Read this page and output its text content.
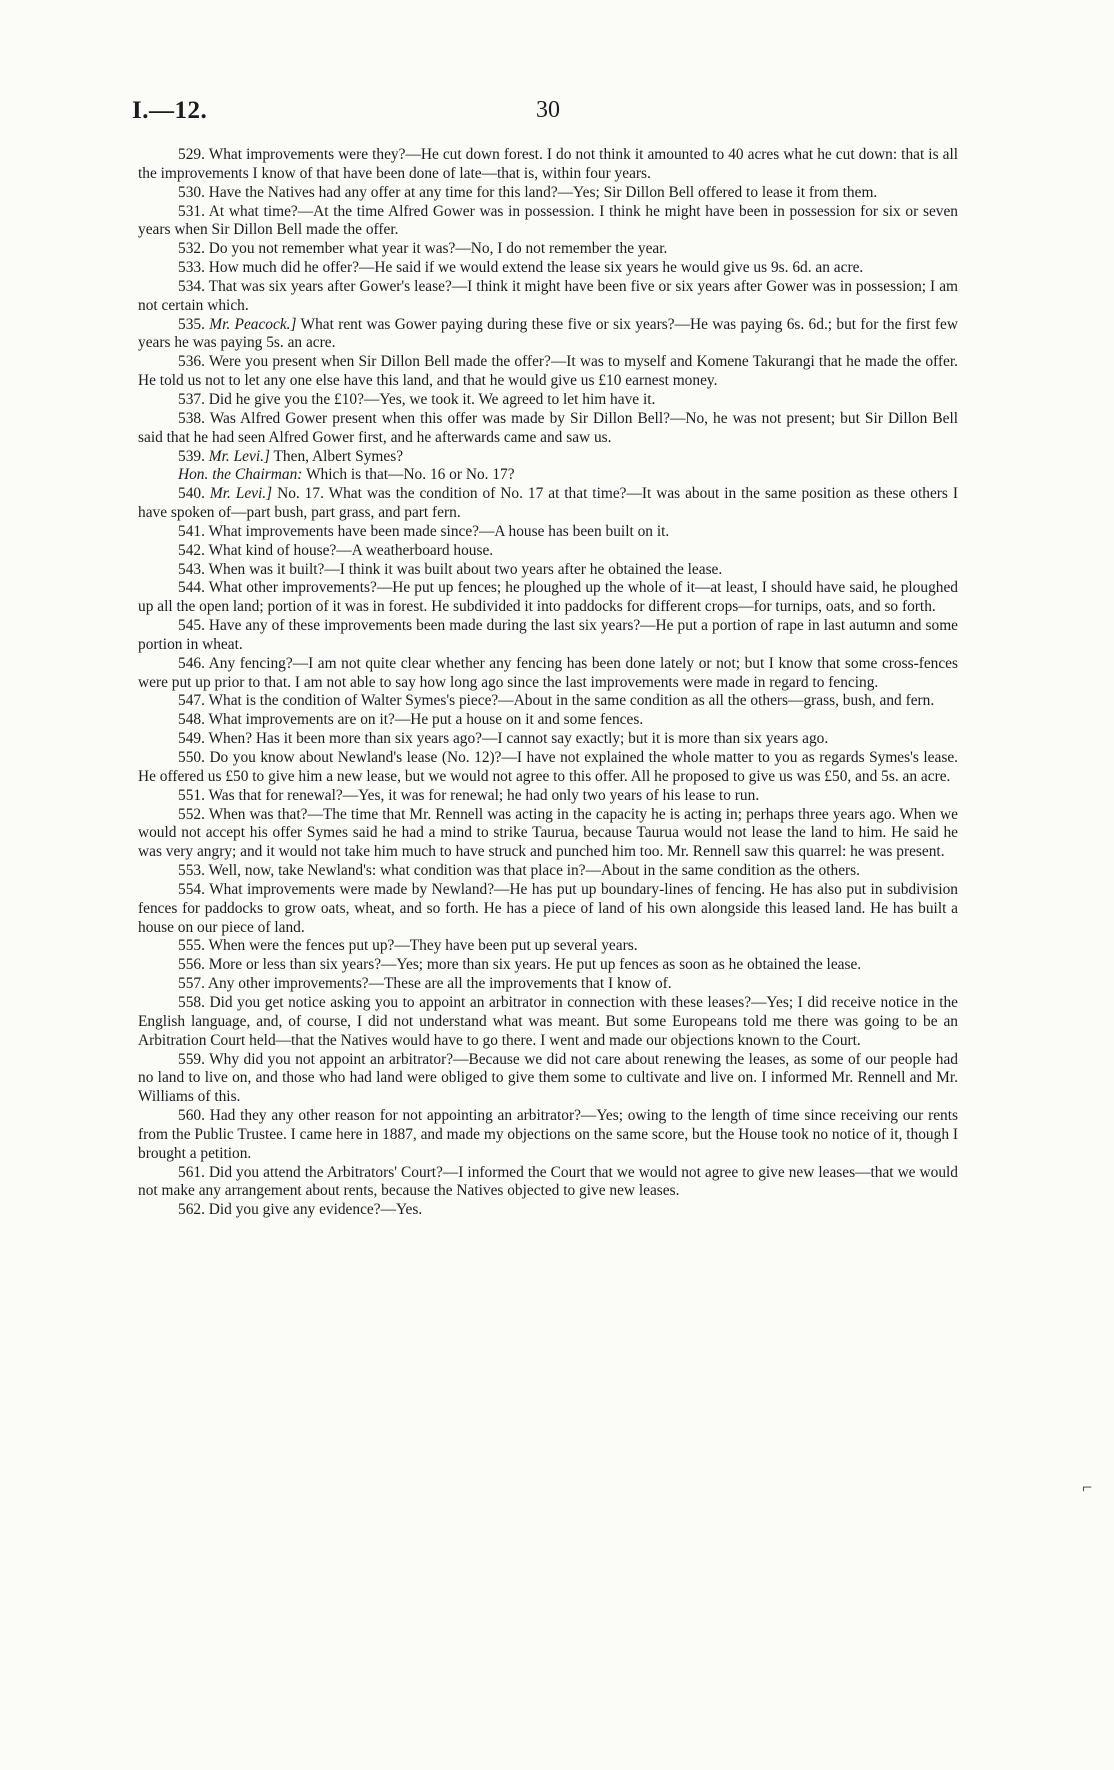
I.—12.	30

529. What improvements were they?—He cut down forest. I do not think it amounted to 40 acres what he cut down: that is all the improvements I know of that have been done of late—that is, within four years.

530. Have the Natives had any offer at any time for this land?—Yes; Sir Dillon Bell offered to lease it from them.

531. At what time?—At the time Alfred Gower was in possession. I think he might have been in possession for six or seven years when Sir Dillon Bell made the offer.

532. Do you not remember what year it was?—No, I do not remember the year.

533. How much did he offer?—He said if we would extend the lease six years he would give us 9s. 6d. an acre.

534. That was six years after Gower's lease?—I think it might have been five or six years after Gower was in possession; I am not certain which.

535. Mr. Peacock.] What rent was Gower paying during these five or six years?—He was paying 6s. 6d.; but for the first few years he was paying 5s. an acre.

536. Were you present when Sir Dillon Bell made the offer?—It was to myself and Komene Takurangi that he made the offer. He told us not to let any one else have this land, and that he would give us £10 earnest money.

537. Did he give you the £10?—Yes, we took it. We agreed to let him have it.

538. Was Alfred Gower present when this offer was made by Sir Dillon Bell?—No, he was not present; but Sir Dillon Bell said that he had seen Alfred Gower first, and he afterwards came and saw us.

539. Mr. Levi.] Then, Albert Symes?

Hon. the Chairman: Which is that—No. 16 or No. 17?

540. Mr. Levi.] No. 17. What was the condition of No. 17 at that time?—It was about in the same position as these others I have spoken of—part bush, part grass, and part fern.

541. What improvements have been made since?—A house has been built on it.

542. What kind of house?—A weatherboard house.

543. When was it built?—I think it was built about two years after he obtained the lease.

544. What other improvements?—He put up fences; he ploughed up the whole of it—at least, I should have said, he ploughed up all the open land; portion of it was in forest. He subdivided it into paddocks for different crops—for turnips, oats, and so forth.

545. Have any of these improvements been made during the last six years?—He put a portion of rape in last autumn and some portion in wheat.

546. Any fencing?—I am not quite clear whether any fencing has been done lately or not; but I know that some cross-fences were put up prior to that. I am not able to say how long ago since the last improvements were made in regard to fencing.

547. What is the condition of Walter Symes's piece?—About in the same condition as all the others—grass, bush, and fern.

548. What improvements are on it?—He put a house on it and some fences.

549. When? Has it been more than six years ago?—I cannot say exactly; but it is more than six years ago.

550. Do you know about Newland's lease (No. 12)?—I have not explained the whole matter to you as regards Symes's lease. He offered us £50 to give him a new lease, but we would not agree to this offer. All he proposed to give us was £50, and 5s. an acre.

551. Was that for renewal?—Yes, it was for renewal; he had only two years of his lease to run.

552. When was that?—The time that Mr. Rennell was acting in the capacity he is acting in; perhaps three years ago. When we would not accept his offer Symes said he had a mind to strike Taurua, because Taurua would not lease the land to him. He said he was very angry; and it would not take him much to have struck and punched him too. Mr. Rennell saw this quarrel: he was present.

553. Well, now, take Newland's: what condition was that place in?—About in the same condition as the others.

554. What improvements were made by Newland?—He has put up boundary-lines of fencing. He has also put in subdivision fences for paddocks to grow oats, wheat, and so forth. He has a piece of land of his own alongside this leased land. He has built a house on our piece of land.

555. When were the fences put up?—They have been put up several years.

556. More or less than six years?—Yes; more than six years. He put up fences as soon as he obtained the lease.

557. Any other improvements?—These are all the improvements that I know of.

558. Did you get notice asking you to appoint an arbitrator in connection with these leases?—Yes; I did receive notice in the English language, and, of course, I did not understand what was meant. But some Europeans told me there was going to be an Arbitration Court held—that the Natives would have to go there. I went and made our objections known to the Court.

559. Why did you not appoint an arbitrator?—Because we did not care about renewing the leases, as some of our people had no land to live on, and those who had land were obliged to give them some to cultivate and live on. I informed Mr. Rennell and Mr. Williams of this.

560. Had they any other reason for not appointing an arbitrator?—Yes; owing to the length of time since receiving our rents from the Public Trustee. I came here in 1887, and made my objections on the same score, but the House took no notice of it, though I brought a petition.

561. Did you attend the Arbitrators' Court?—I informed the Court that we would not agree to give new leases—that we would not make any arrangement about rents, because the Natives objected to give new leases.

562. Did you give any evidence?—Yes.

⌐
